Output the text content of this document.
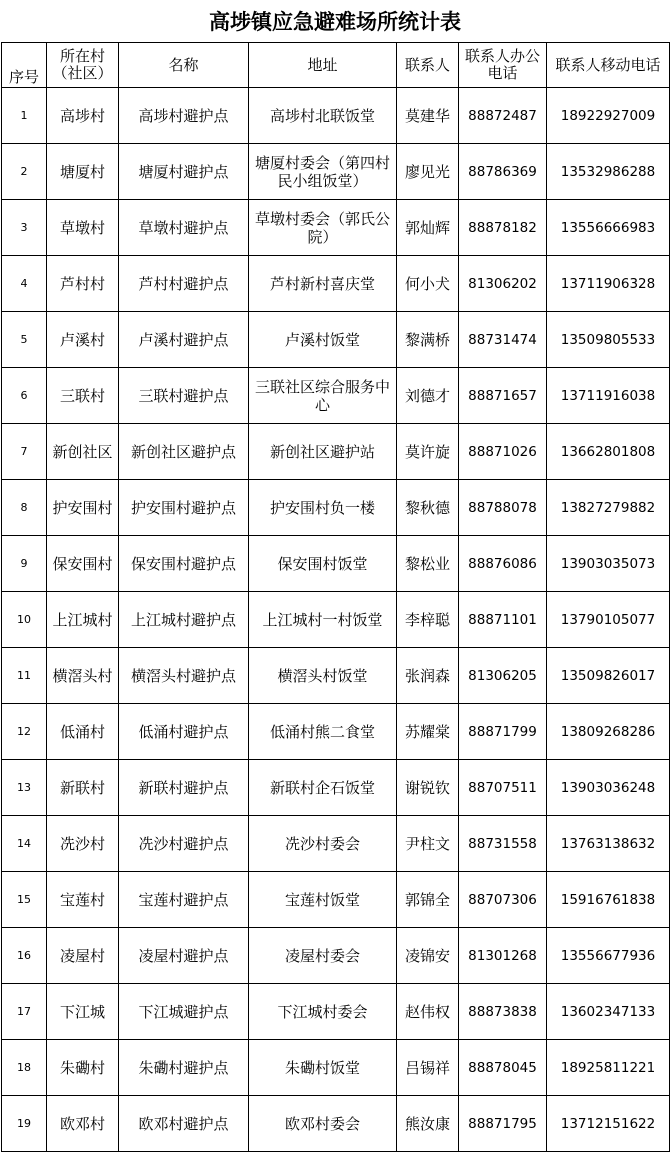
高埗镇应急避难场所统计表
序号	所在村（社区）	名称	地址	联系人	联系人办公电话	联系人移动电话
1	高埗村	高埗村避护点	高埗村北联饭堂	莫建华	88872487	18922927009
2	塘厦村	塘厦村避护点	塘厦村委会（第四村民小组饭堂）	廖见光	88786369	13532986288
3	草墩村	草墩村避护点	草墩村委会（郭氏公院）	郭灿辉	88878182	13556666983
4	芦村村	芦村村避护点	芦村新村喜庆堂	何小犬	81306202	13711906328
5	卢溪村	卢溪村避护点	卢溪村饭堂	黎满桥	88731474	13509805533
6	三联村	三联村避护点	三联社区综合服务中心	刘德才	88871657	13711916038
7	新创社区	新创社区避护点	新创社区避护站	莫许旋	88871026	13662801808
8	护安围村	护安围村避护点	护安围村负一楼	黎秋德	88788078	13827279882
9	保安围村	保安围村避护点	保安围村饭堂	黎松业	88876086	13903035073
10	上江城村	上江城村避护点	上江城村一村饭堂	李梓聪	88871101	13790105077
11	横滘头村	横滘头村避护点	横滘头村饭堂	张润森	81306205	13509826017
12	低涌村	低涌村避护点	低涌村熊二食堂	苏耀棠	88871799	13809268286
13	新联村	新联村避护点	新联村企石饭堂	谢锐钦	88707511	13903036248
14	冼沙村	冼沙村避护点	冼沙村委会	尹柱文	88731558	13763138632
15	宝莲村	宝莲村避护点	宝莲村饭堂	郭锦全	88707306	15916761838
16	凌屋村	凌屋村避护点	凌屋村委会	凌锦安	81301268	13556677936
17	下江城	下江城避护点	下江城村委会	赵伟权	88873838	13602347133
18	朱磡村	朱磡村避护点	朱磡村饭堂	吕锡祥	88878045	18925811221
19	欧邓村	欧邓村避护点	欧邓村委会	熊汝康	88871795	13712151622
